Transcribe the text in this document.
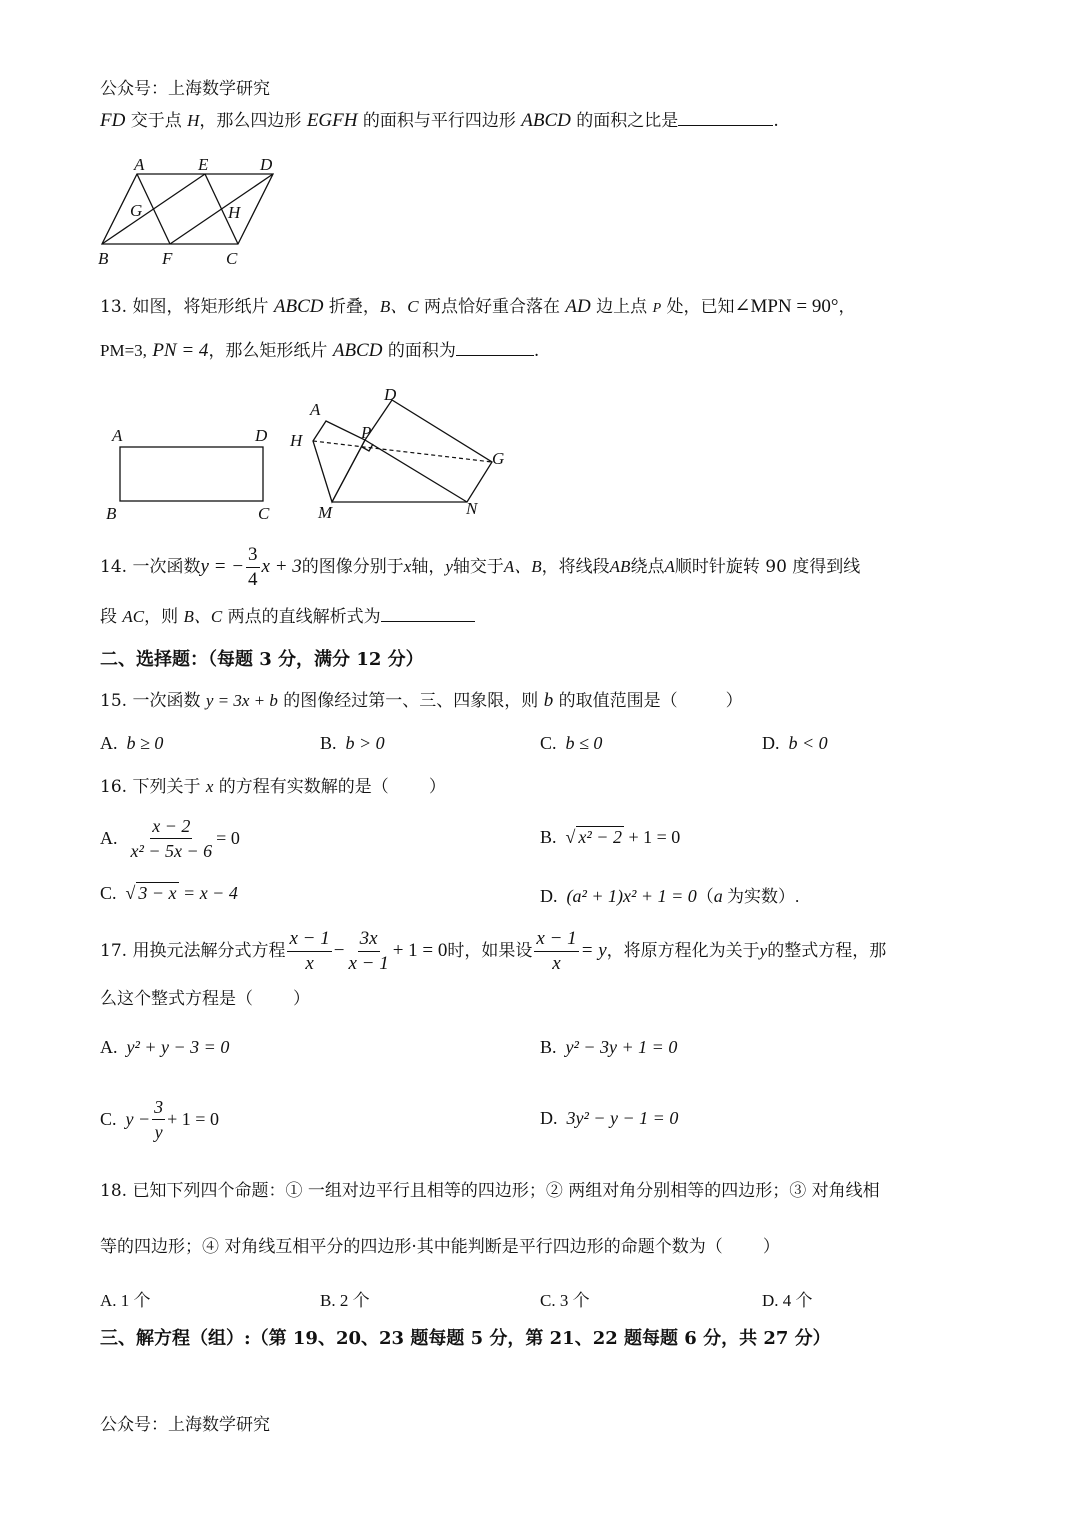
公众号：上海数学研究
FD 交于点 H，那么四边形 EGFH 的面积与平行四边形 ABCD 的面积之比是	.
A	E	D
G	H
B	F	C
13. 如图，将矩形纸片 ABCD 折叠，B、C 两点恰好重合落在 AD 边上点 P 处，已知∠MPN = 90°，
PM=3, PN = 4，那么矩形纸片 ABCD 的面积为	.
A	D
B	C
A
D
H	P
G
M	N
14.
一次函数 y = − $\frac{3}{4}$ x + 3 的图像分别于 x 轴， y 轴交于 A、B ，将线段 AB 绕点 A 顺时针旋转 90 度得到线
段 AC，则 B、C 两点的直线解析式为
二、选择题：（每题 3 分，满分 12 分）
15. 一次函数 y = 3x + b 的图像经过第一、三、四象限，则 b 的取值范围是（	）
A. b ≥ 0	B. b > 0	C. b ≤ 0	D. b < 0
16. 下列关于 x 的方程有实数解的是（ ）
A.
$\frac{x - 2}{\text{x² − 5x − 6}} = 0$	B.  √ x² − 2 + 1 = 0
C.  √ 3 − x = x − 4	D. (a² + 1)x² + 1 = 0（a 为实数）.
17.
用换元法解分式方程 $\frac{x - 1}{x} - \frac{3x}{x - 1} + 1 = 0$ 时，如果设 $\frac{x - 1}{x} = y$ ，将原方程化为关于 y 的整式方程，那
么这个整式方程是（ ）
A. y² + y − 3 = 0	B. y² − 3y + 1 = 0
C.
$y - \frac{3}{y} + 1 = 0$	D. 3y² − y − 1 = 0
18. 已知下列四个命题：① 一组对边平行且相等的四边形；② 两组对角分别相等的四边形；③ 对角线相
等的四边形；④ 对角线互相平分的四边形·其中能判断是平行四边形的命题个数为（ ）
A. 1 个	B. 2 个	C. 3 个	D. 4 个
三、解方程（组）:（第 19、20、23 题每题 5 分，第 21、22 题每题 6 分，共 27 分）
公众号：上海数学研究
